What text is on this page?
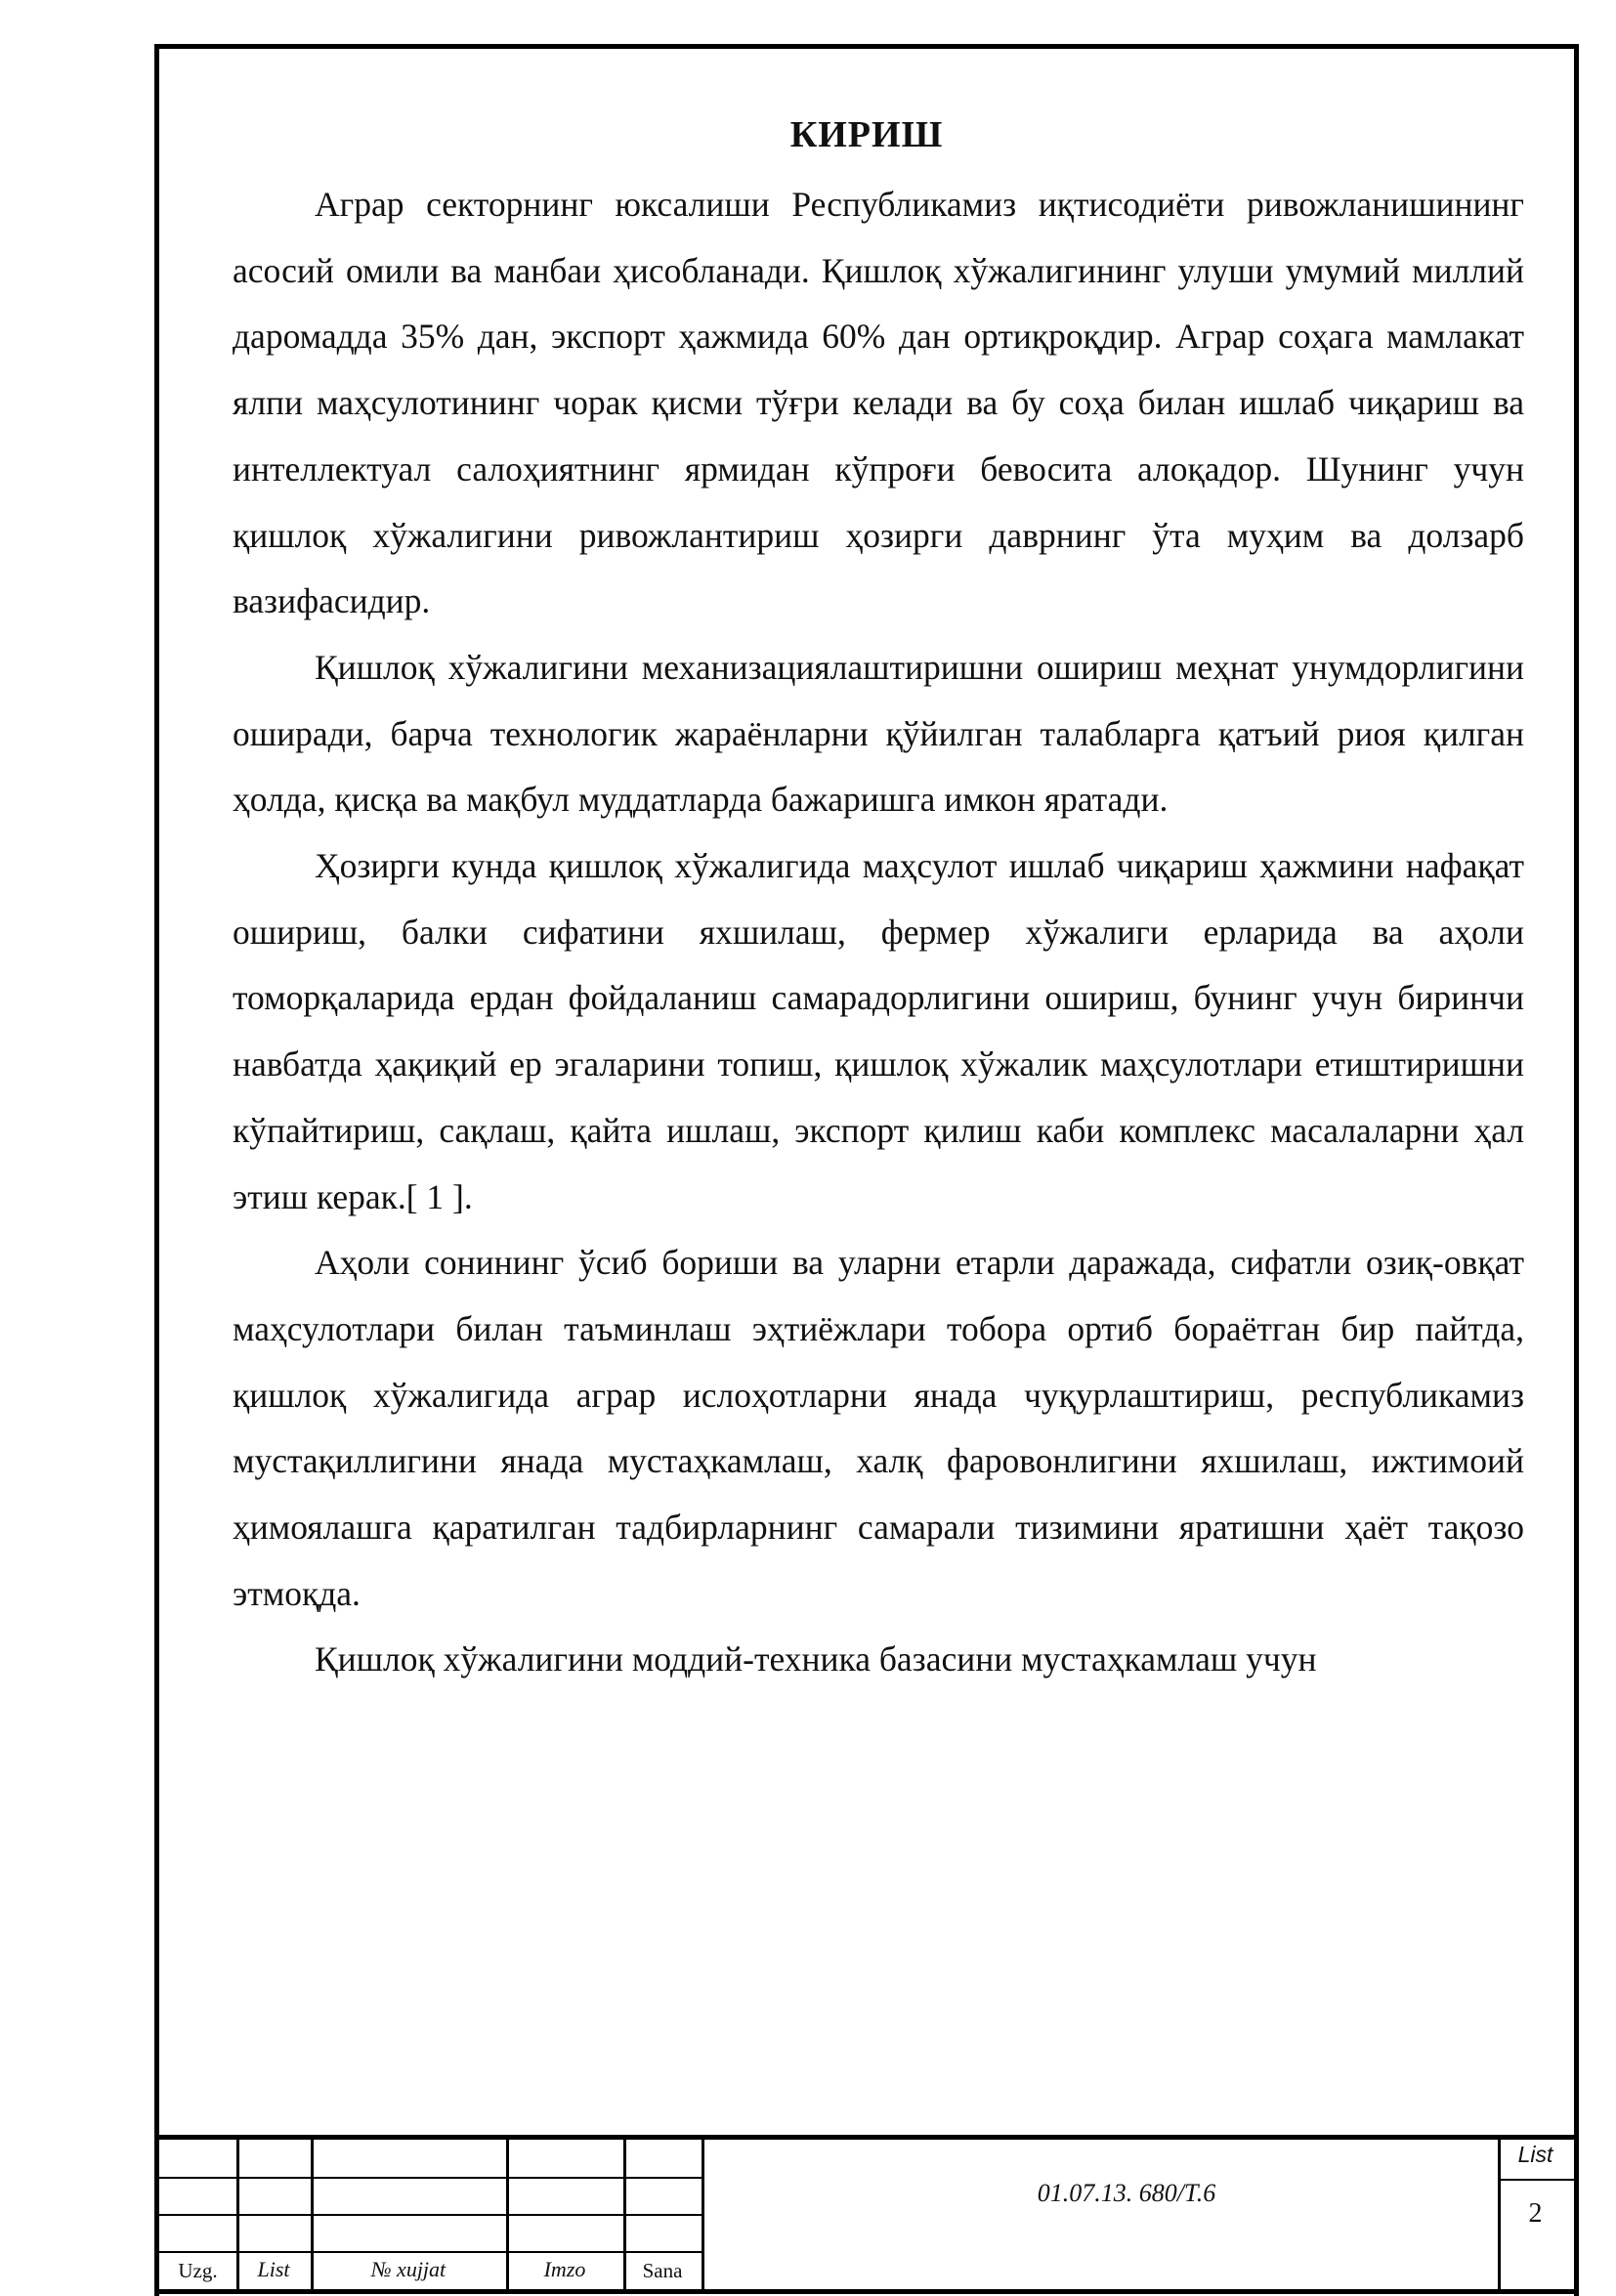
КИРИШ

Аграр секторнинг юксалиши Республикамиз иқтисодиёти ривожланишининг асосий омили ва манбаи ҳисобланади. Қишлоқ хўжалигининг улуши умумий миллий даромадда 35% дан, экспорт ҳажмида 60% дан ортиқроқдир. Аграр соҳага мамлакат ялпи маҳсулотининг чорак қисми тўғри келади ва бу соҳа билан ишлаб чиқариш ва интеллектуал салоҳиятнинг ярмидан кўпроғи бевосита алоқадор. Шунинг учун қишлоқ хўжалигини ривожлантириш ҳозирги даврнинг ўта муҳим ва долзарб вазифасидир.

Қишлоқ хўжалигини механизациялаштиришни ошириш меҳнат унумдорлигини оширади, барча технологик жараёнларни қўйилган талабларга қатъий риоя қилган ҳолда, қисқа ва мақбул муддатларда бажаришга имкон яратади.

Ҳозирги кунда қишлоқ хўжалигида маҳсулот ишлаб чиқариш ҳажмини нафақат ошириш, балки сифатини яхшилаш, фермер хўжалиги ерларида ва аҳоли томорқаларида ердан фойдаланиш самарадорлигини ошириш, бунинг учун биринчи навбатда ҳақиқий ер эгаларини топиш, қишлоқ хўжалик маҳсулотлари етиштиришни кўпайтириш, сақлаш, қайта ишлаш, экспорт қилиш каби комплекс масалаларни ҳал этиш керак.[ 1 ].

Аҳоли сонининг ўсиб бориши ва уларни етарли даражада, сифатли озиқ-овқат маҳсулотлари билан таъминлаш эҳтиёжлари тобора ортиб бораётган бир пайтда, қишлоқ хўжалигида аграр ислоҳотларни янада чуқурлаштириш, республикамиз мустақиллигини янада мустаҳкамлаш, халқ фаровонлигини яхшилаш, ижтимоий ҳимоялашга қаратилган тадбирларнинг самарали тизимини яратишни ҳаёт тақозо этмоқда.

Қишлоқ хўжалигини моддий-техника базасини мустаҳкамлаш учун

Uzg.	List	№ xujjat	Imzo	Sana
01.07.13. 680/Т.6
List
2
